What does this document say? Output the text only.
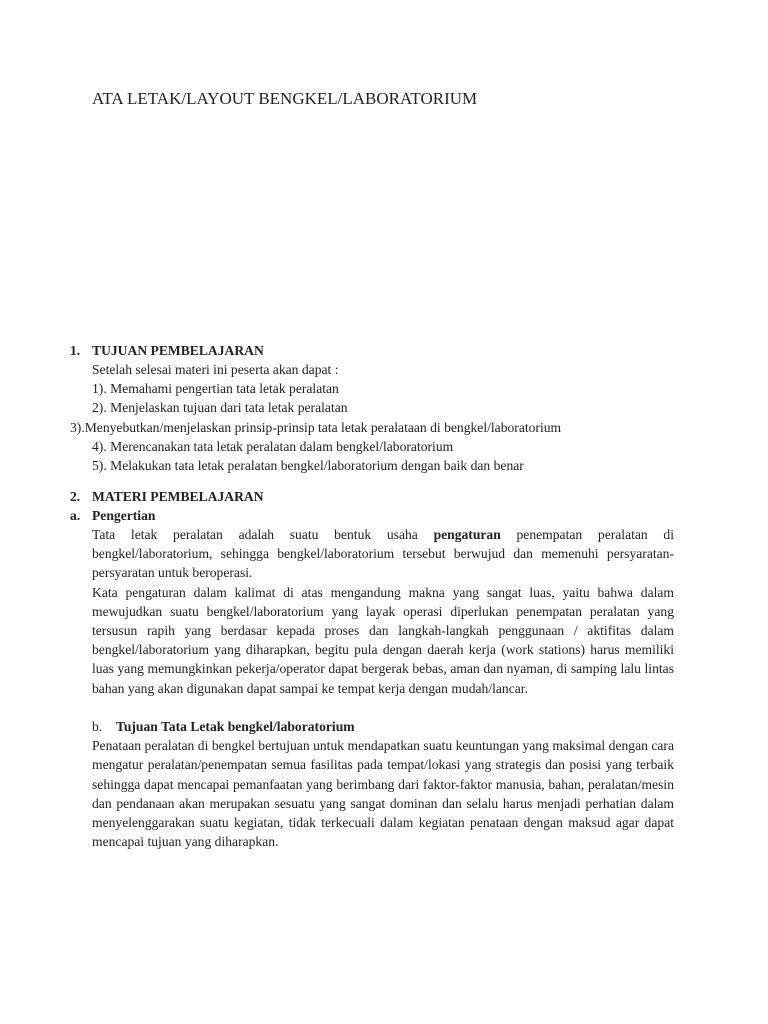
ATA LETAK/LAYOUT BENGKEL/LABORATORIUM
1. TUJUAN PEMBELAJARAN
Setelah selesai materi ini peserta akan dapat :
1). Memahami pengertian tata letak peralatan
2). Menjelaskan tujuan dari tata letak peralatan
3).Menyebutkan/menjelaskan prinsip-prinsip tata letak peralataan di bengkel/laboratorium
4). Merencanakan tata letak peralatan dalam bengkel/laboratorium
5). Melakukan tata letak peralatan bengkel/laboratorium dengan baik dan benar
2. MATERI PEMBELAJARAN
a. Pengertian
Tata letak peralatan adalah suatu bentuk usaha pengaturan penempatan peralatan di bengkel/laboratorium, sehingga bengkel/laboratorium tersebut berwujud dan memenuhi persyaratan-persyaratan untuk beroperasi.
Kata pengaturan dalam kalimat di atas mengandung makna yang sangat luas, yaitu bahwa dalam mewujudkan suatu bengkel/laboratorium yang layak operasi diperlukan penempatan peralatan yang tersusun rapih yang berdasar kepada proses dan langkah-langkah penggunaan / aktifitas dalam bengkel/laboratorium yang diharapkan, begitu pula dengan daerah kerja (work stations) harus memiliki luas yang memungkinkan pekerja/operator dapat bergerak bebas, aman dan nyaman, di samping lalu lintas bahan yang akan digunakan dapat sampai ke tempat kerja dengan mudah/lancar.
b. Tujuan Tata Letak bengkel/laboratorium
Penataan peralatan di bengkel bertujuan untuk mendapatkan suatu keuntungan yang maksimal dengan cara mengatur peralatan/penempatan semua fasilitas pada tempat/lokasi yang strategis dan posisi yang terbaik sehingga dapat mencapai pemanfaatan yang berimbang dari faktor-faktor manusia, bahan, peralatan/mesin dan pendanaan akan merupakan sesuatu yang sangat dominan dan selalu harus menjadi perhatian dalam menyelenggarakan suatu kegiatan, tidak terkecuali dalam kegiatan penataan dengan maksud agar dapat mencapai tujuan yang diharapkan.
